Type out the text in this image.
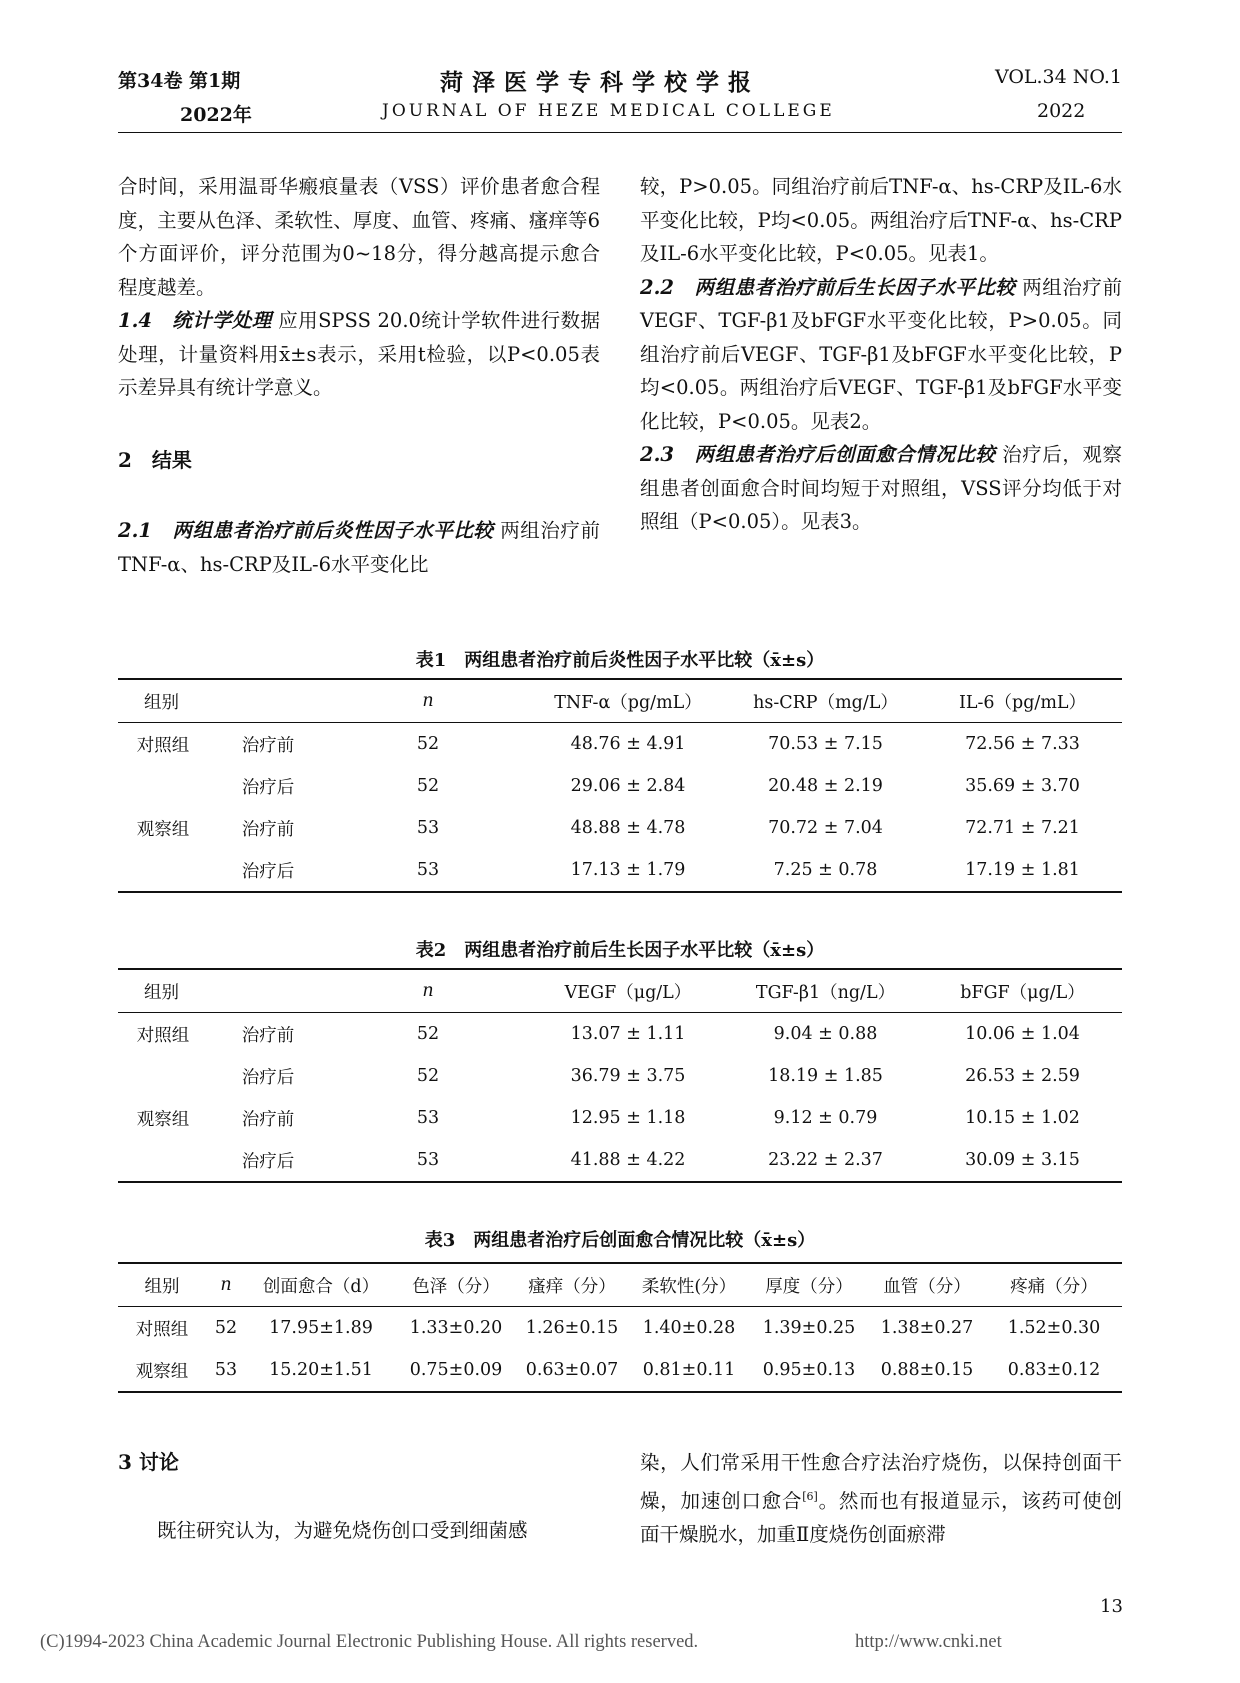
第34卷 第1期
2022年
菏泽医学专科学校学报
JOURNAL OF HEZE MEDICAL COLLEGE
VOL.34 NO.1
2022

合时间，采用温哥华瘢痕量表（VSS）评价患者愈合程度，主要从色泽、柔软性、厚度、血管、疼痛、瘙痒等6个方面评价，评分范围为0~18分，得分越高提示愈合程度越差。

1.4　统计学处理 应用SPSS 20.0统计学软件进行数据处理，计量资料用x̄±s表示，采用t检验，以P<0.05表示差异具有统计学意义。

2　结果

2.1　两组患者治疗前后炎性因子水平比较 两组治疗前TNF-α、hs-CRP及IL-6水平变化比

较，P>0.05。同组治疗前后TNF-α、hs-CRP及IL-6水平变化比较，P均<0.05。两组治疗后TNF-α、hs-CRP及IL-6水平变化比较，P<0.05。见表1。

2.2　两组患者治疗前后生长因子水平比较 两组治疗前VEGF、TGF-β1及bFGF水平变化比较，P>0.05。同组治疗前后VEGF、TGF-β1及bFGF水平变化比较，P均<0.05。两组治疗后VEGF、TGF-β1及bFGF水平变化比较，P<0.05。见表2。

2.3　两组患者治疗后创面愈合情况比较 治疗后，观察组患者创面愈合时间均短于对照组，VSS评分均低于对照组（P<0.05）。见表3。

表1　两组患者治疗前后炎性因子水平比较（x̄±s）
组别		n	TNF-α（pg/mL）	hs-CRP（mg/L）	IL-6（pg/mL）
对照组	治疗前	52	48.76 ± 4.91	70.53 ± 7.15	72.56 ± 7.33
	治疗后	52	29.06 ± 2.84	20.48 ± 2.19	35.69 ± 3.70
观察组	治疗前	53	48.88 ± 4.78	70.72 ± 7.04	72.71 ± 7.21
	治疗后	53	17.13 ± 1.79	7.25 ± 0.78	17.19 ± 1.81
表2　两组患者治疗前后生长因子水平比较（x̄±s）
组别		n	VEGF（μg/L）	TGF-β1（ng/L）	bFGF（μg/L）
对照组	治疗前	52	13.07 ± 1.11	9.04 ± 0.88	10.06 ± 1.04
	治疗后	52	36.79 ± 3.75	18.19 ± 1.85	26.53 ± 2.59
观察组	治疗前	53	12.95 ± 1.18	9.12 ± 0.79	10.15 ± 1.02
	治疗后	53	41.88 ± 4.22	23.22 ± 2.37	30.09 ± 3.15
表3　两组患者治疗后创面愈合情况比较（x̄±s）
组别	n	创面愈合（d）	色泽（分）	瘙痒（分）	柔软性(分）	厚度（分）	血管（分）	疼痛（分）
对照组	52	17.95±1.89	1.33±0.20	1.26±0.15	1.40±0.28	1.39±0.25	1.38±0.27	1.52±0.30
观察组	53	15.20±1.51	0.75±0.09	0.63±0.07	0.81±0.11	0.95±0.13	0.88±0.15	0.83±0.12
3 讨论
既往研究认为，为避免烧伤创口受到细菌感

染，人们常采用干性愈合疗法治疗烧伤，以保持创面干燥，加速创口愈合[6]。然而也有报道显示，该药可使创面干燥脱水，加重Ⅱ度烧伤创面瘀滞

13
(C)1994-2023 China Academic Journal Electronic Publishing House. All rights reserved.	http://www.cnki.net
